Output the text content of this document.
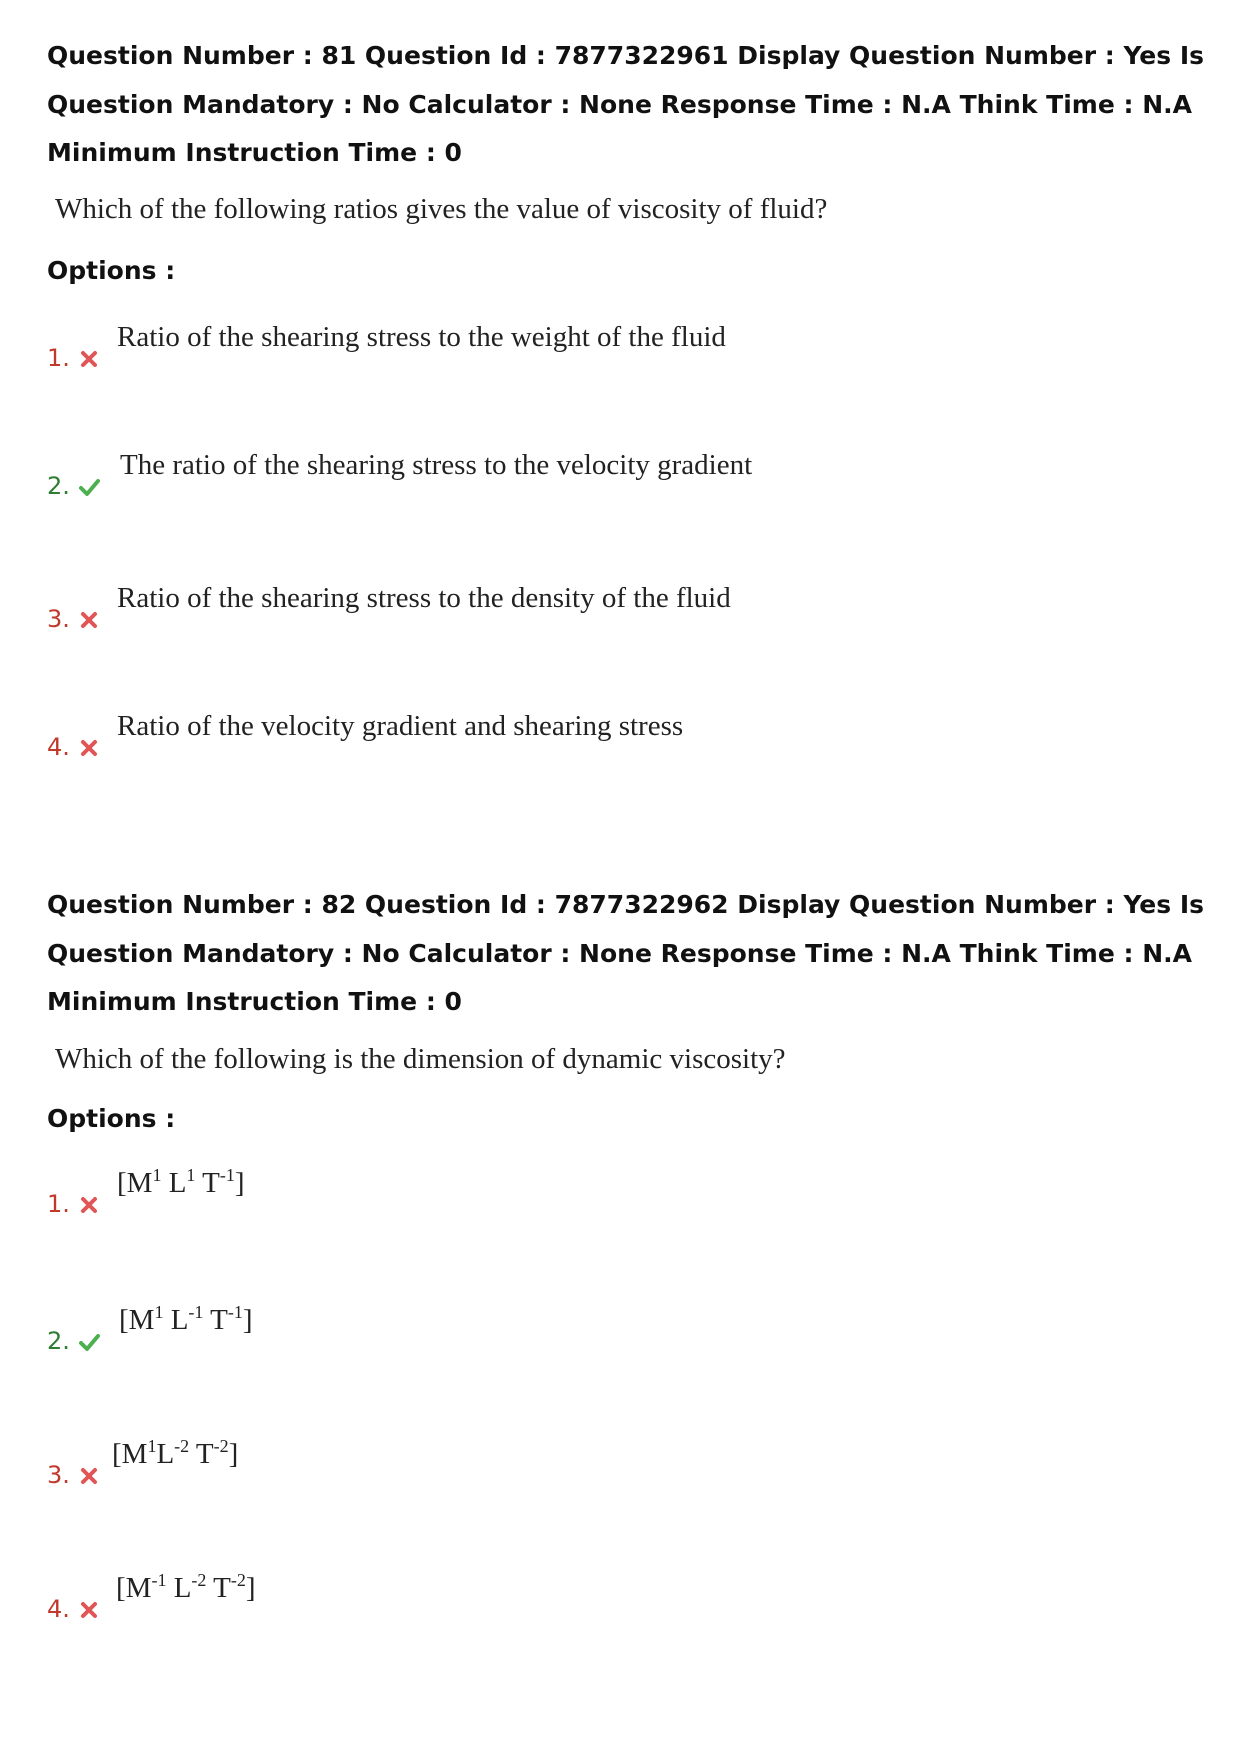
Question Number : 81 Question Id : 7877322961 Display Question Number : Yes Is Question Mandatory : No Calculator : None Response Time : N.A Think Time : N.A Minimum Instruction Time : 0

Which of the following ratios gives the value of viscosity of fluid?
Options :
1.
Ratio of the shearing stress to the weight of the fluid
2.
The ratio of the shearing stress to the velocity gradient
3.
Ratio of the shearing stress to the density of the fluid
4.
Ratio of the velocity gradient and shearing stress

Question Number : 82 Question Id : 7877322962 Display Question Number : Yes Is Question Mandatory : No Calculator : None Response Time : N.A Think Time : N.A Minimum Instruction Time : 0

Which of the following is the dimension of dynamic viscosity?
Options :
1.
[$M^1$ $L^1$ $T^{-1}$]
2.
[$M^1$ $L^{-1}$ $T^{-1}$]
3.
[$M^1L^{-2}$ $T^{-2}$]
4.
[$M^{-1}$ $L^{-2}$ $T^{-2}$]
